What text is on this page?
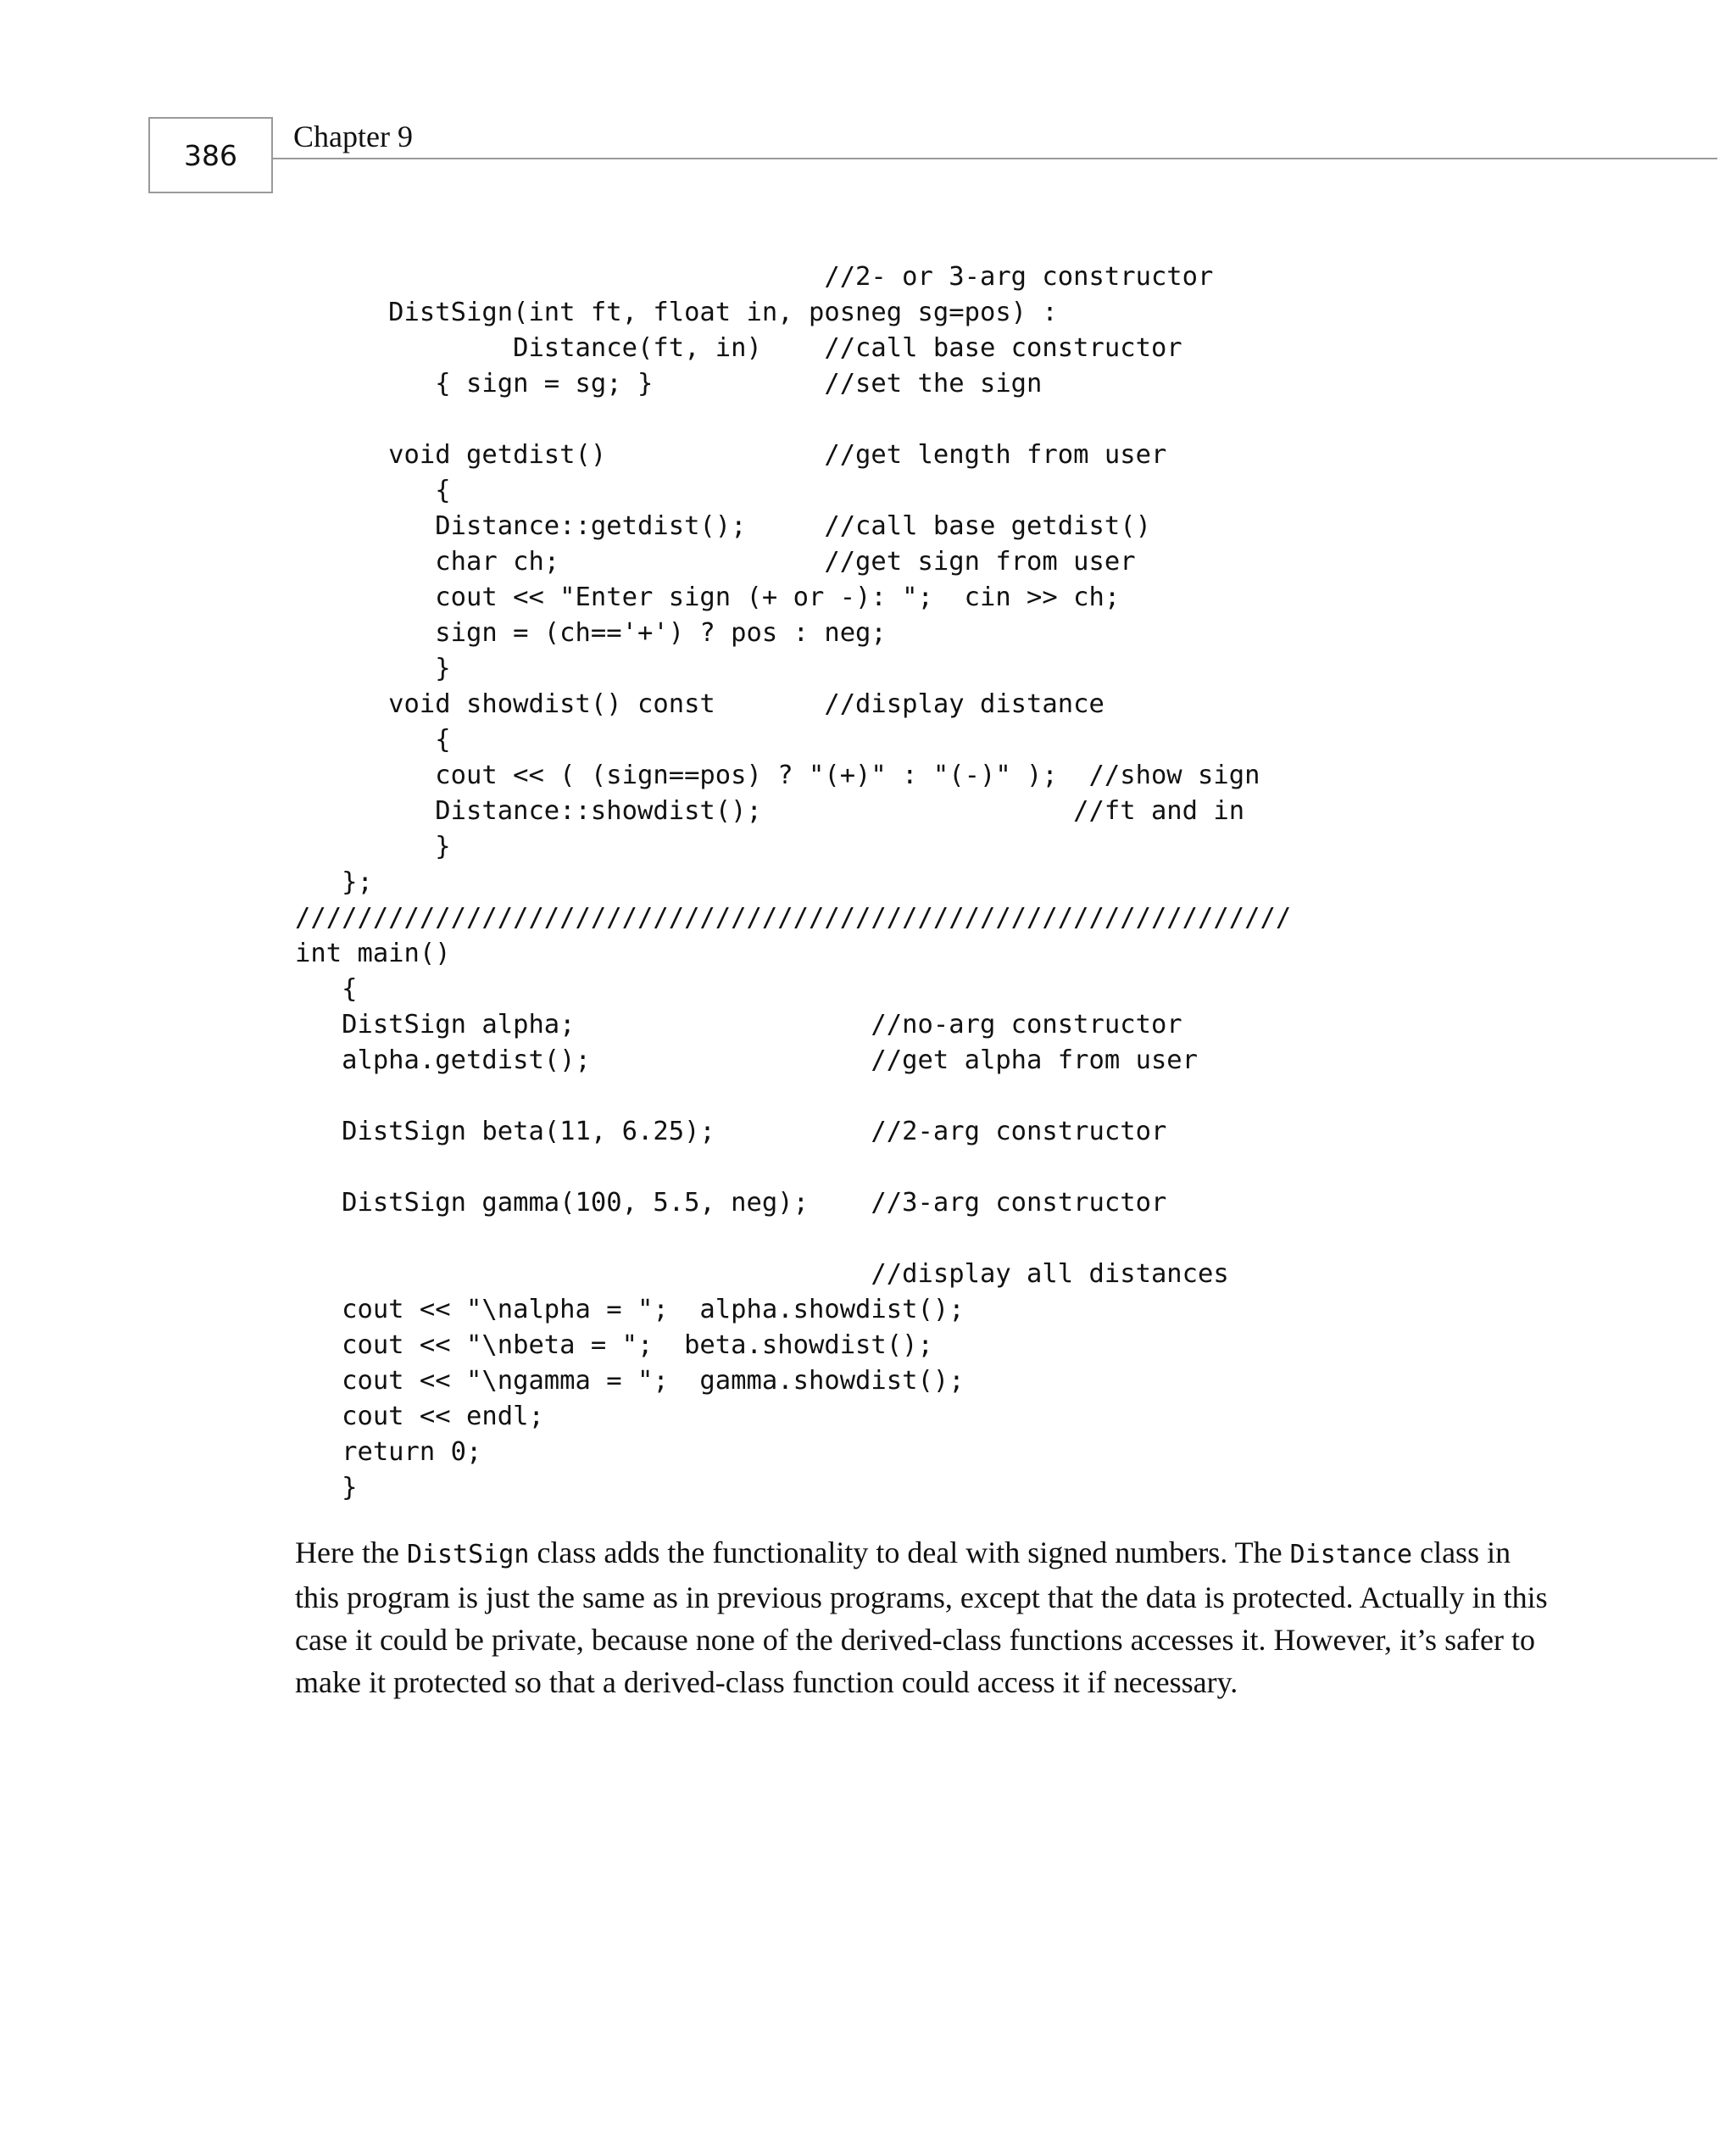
386
Chapter 9
//2- or 3-arg constructor
DistSign(int ft, float in, posneg sg=pos) :
Distance(ft, in)    //call base constructor
{ sign = sg; }           //set the sign
void getdist()              //get length from user
{
Distance::getdist();     //call base getdist()
char ch;                 //get sign from user
cout << "Enter sign (+ or -): ";  cin >> ch;
sign = (ch=='+') ? pos : neg;
}
void showdist() const       //display distance
{
cout << ( (sign==pos) ? "(+)" : "(-)" );  //show sign
Distance::showdist();                    //ft and in
}
};
////////////////////////////////////////////////////////////////
int main()
{
DistSign alpha;                   //no-arg constructor
alpha.getdist();                  //get alpha from user
DistSign beta(11, 6.25);          //2-arg constructor
DistSign gamma(100, 5.5, neg);    //3-arg constructor
//display all distances
cout << "\nalpha = ";  alpha.showdist();
cout << "\nbeta = ";  beta.showdist();
cout << "\ngamma = ";  gamma.showdist();
cout << endl;
return 0;
}

Here the DistSign class adds the functionality to deal with signed numbers. The Distance class in this program is just the same as in previous programs, except that the data is protected. Actually in this case it could be private, because none of the derived-class functions accesses it. However, it’s safer to make it protected so that a derived-class function could access it if necessary.
